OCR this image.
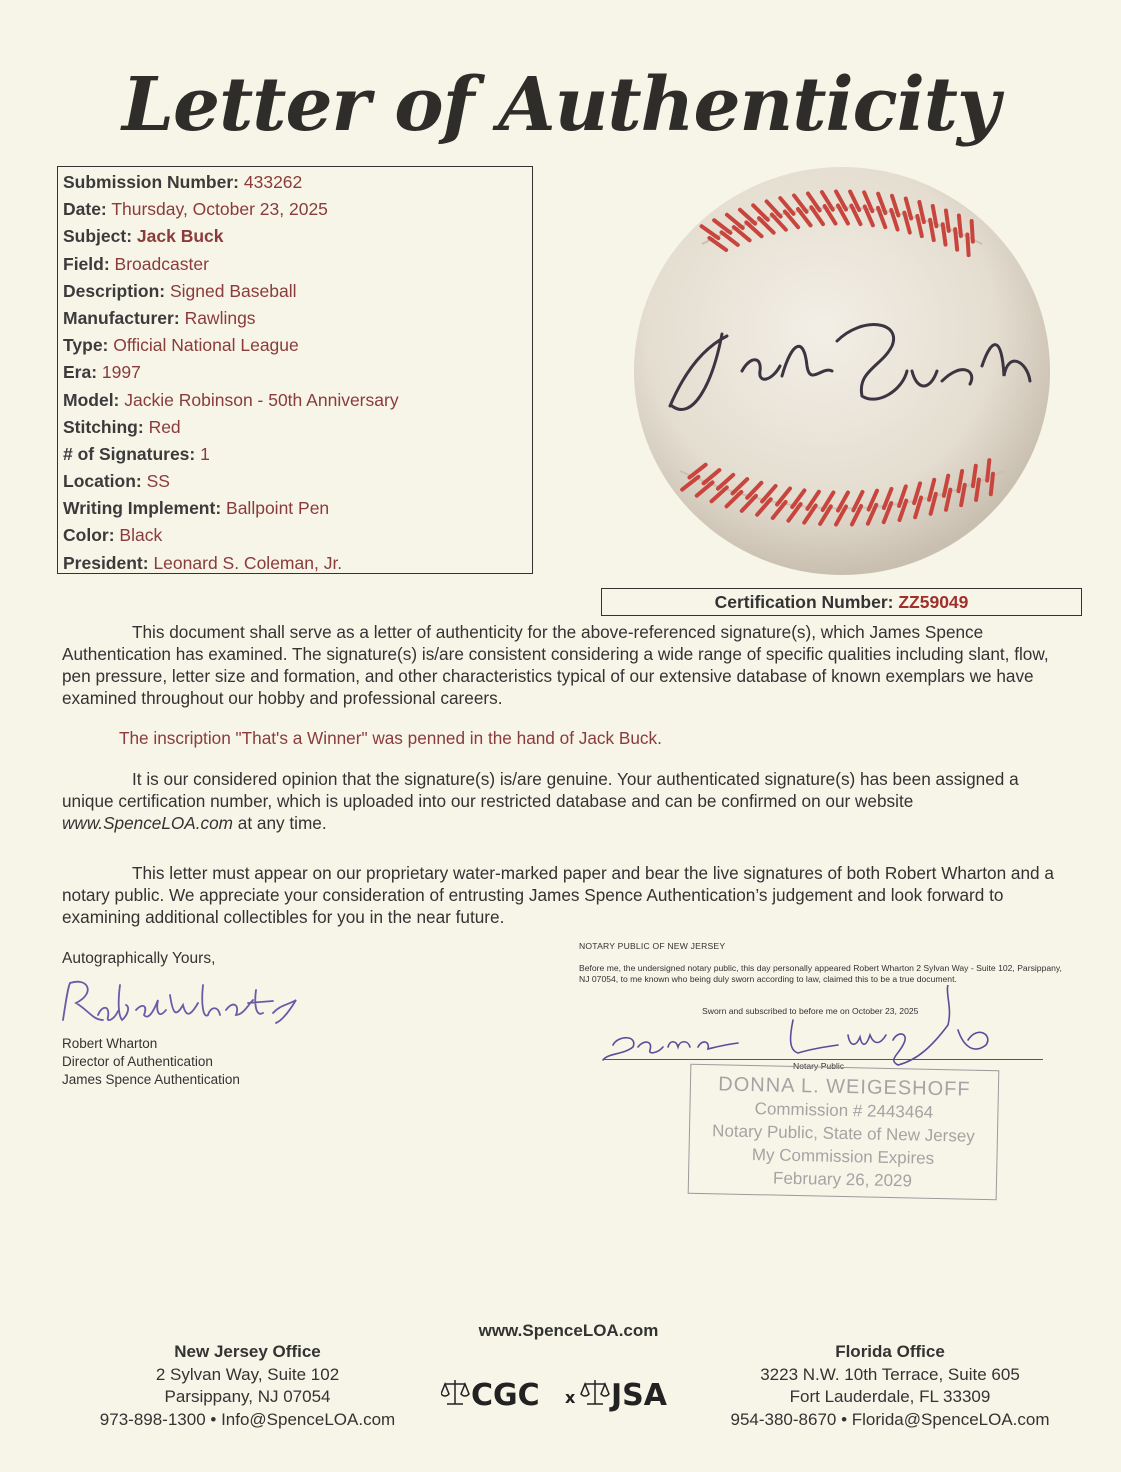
Letter of Authenticity
Submission Number: 433262
Date: Thursday, October 23, 2025
Subject: Jack Buck
Field: Broadcaster
Description: Signed Baseball
Manufacturer: Rawlings
Type: Official National League
Era: 1997
Model: Jackie Robinson - 50th Anniversary
Stitching: Red
# of Signatures: 1
Location: SS
Writing Implement: Ballpoint Pen
Color: Black
President: Leonard S. Coleman, Jr.
Jack Buck
Certification Number: ZZ59049

This document shall serve as a letter of authenticity for the above-referenced signature(s), which James Spence Authentication has examined. The signature(s) is/are consistent considering a wide range of specific qualities including slant, flow, pen pressure, letter size and formation, and other characteristics typical of our extensive database of known exemplars we have examined throughout our hobby and professional careers.

The inscription "That's a Winner" was penned in the hand of Jack Buck.

It is our considered opinion that the signature(s) is/are genuine. Your authenticated signature(s) has been assigned a unique certification number, which is uploaded into our restricted database and can be confirmed on our website www.SpenceLOA.com at any time.

This letter must appear on our proprietary water-marked paper and bear the live signatures of both Robert Wharton and a notary public. We appreciate your consideration of entrusting James Spence Authentication’s judgement and look forward to examining additional collectibles for you in the near future.

Autographically Yours,

Robert Wharton
Robert Wharton
Director of Authentication
James Spence Authentication
NOTARY PUBLIC OF NEW JERSEY
Before me, the undersigned notary public, this day personally appeared Robert Wharton 2 Sylvan Way - Suite 102, Parsippany, NJ 07054, to me known who being duly sworn according to law, claimed this to be a true document.
Sworn and subscribed to before me on October 23, 2025
Donna L Weigeshoff
Notary Public
DONNA L. WEIGESHOFF
Commission # 2443464
Notary Public, State of New Jersey
My Commission Expires
February 26, 2029
www.SpenceLOA.com
New Jersey Office
2 Sylvan Way, Suite 102
Parsippany, NJ 07054
973-898-1300 • Info@SpenceLOA.com
CGC x JSA
CGC x JSA
Florida Office
3223 N.W. 10th Terrace, Suite 605
Fort Lauderdale, FL 33309
954-380-8670 • Florida@SpenceLOA.com
